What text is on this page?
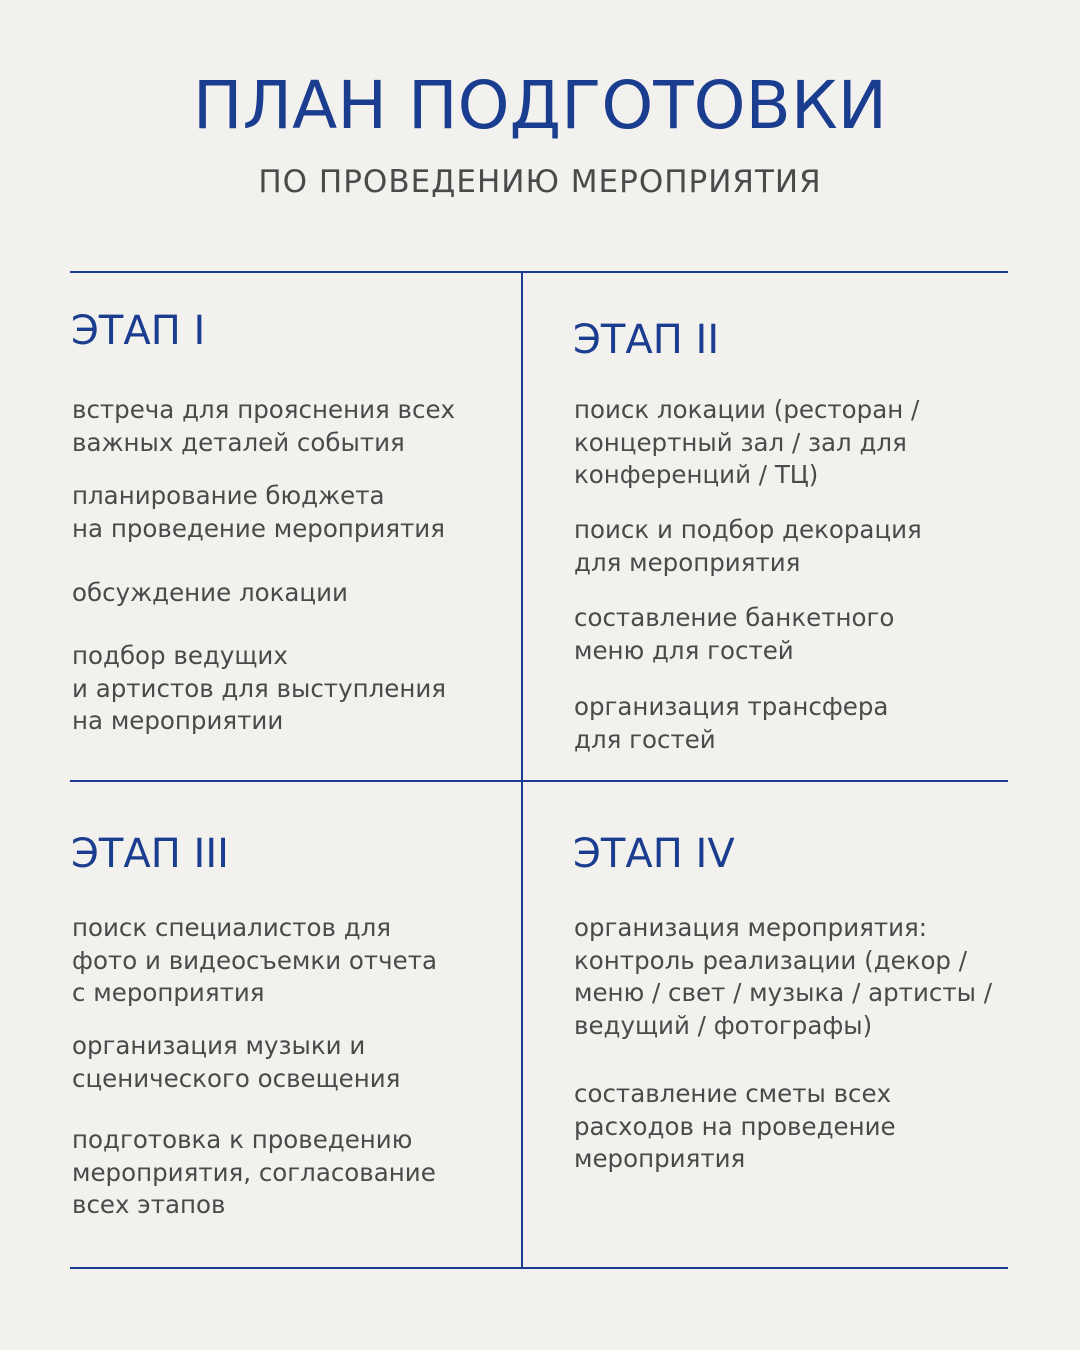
ПЛАН ПОДГОТОВКИ
ПО ПРОВЕДЕНИЮ МЕРОПРИЯТИЯ
ЭТАП I

встреча для прояснения всех
важных деталей события

планирование бюджета
на проведение мероприятия

обсуждение локации

подбор ведущих
и артистов для выступления
на мероприятии

ЭТАП II

поиск локации (ресторан /
концертный зал / зал для
конференций / ТЦ)

поиск и подбор декорация
для мероприятия

составление банкетного
меню для гостей

организация трансфера
для гостей

ЭТАП III

поиск специалистов для
фото и видеосъемки отчета
с мероприятия

организация музыки и
сценического освещения

подготовка к проведению
мероприятия, согласование
всех этапов

ЭТАП IV

организация мероприятия:
контроль реализации (декор /
меню / свет / музыка / артисты /
ведущий / фотографы)

составление сметы всех
расходов на проведение
мероприятия
